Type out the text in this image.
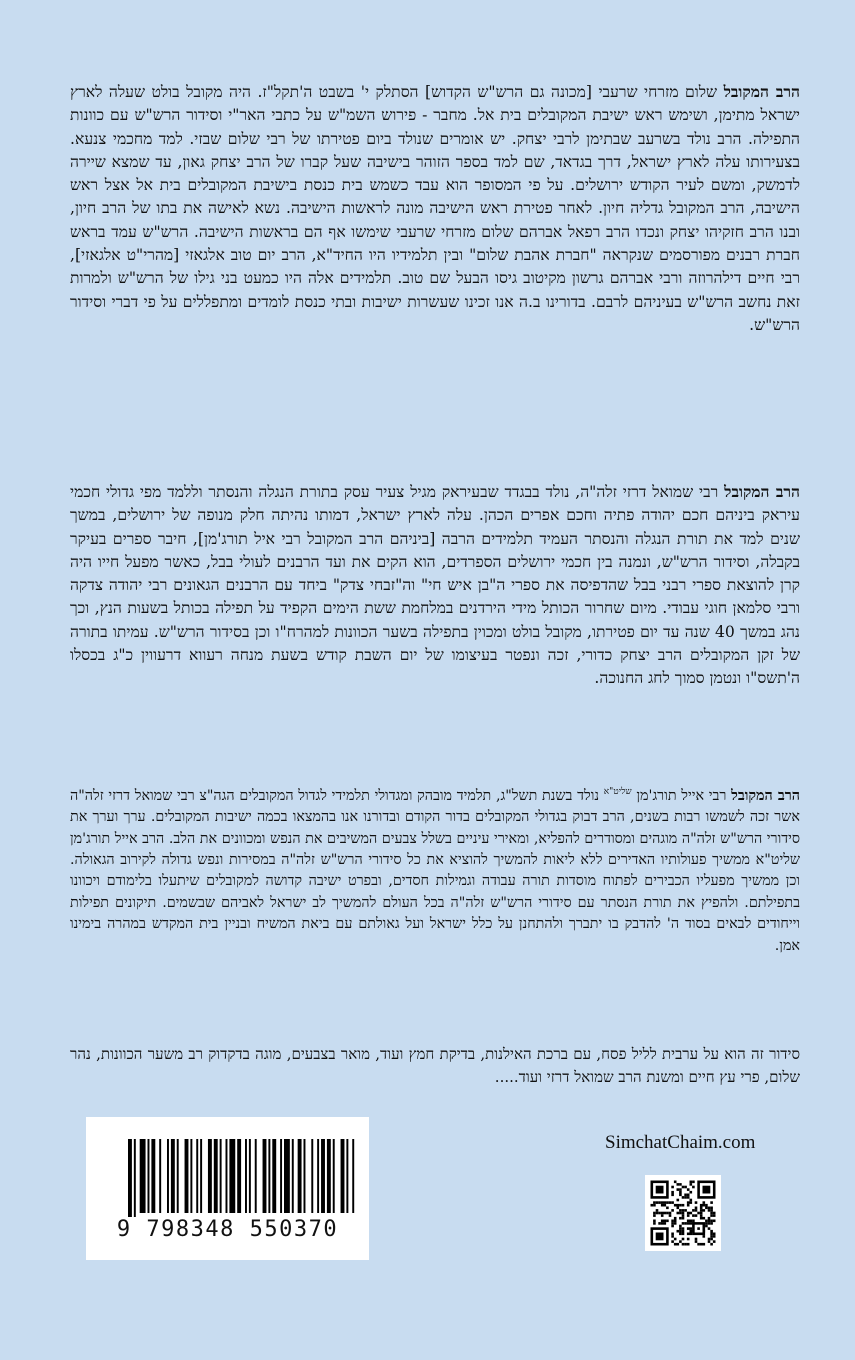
הרב המקובל שלום מזרחי שרעבי [מכונה גם הרש"ש הקדוש] הסתלק י' בשבט ה'תקל"ז. היה מקובל בולט שעלה לארץ ישראל מתימן, ושימש ראש ישיבת המקובלים בית אל. מחבר - פירוש השמ"ש על כתבי האר"י וסידור הרש"ש עם כוונות התפילה. הרב נולד בשרעב שבתימן לרבי יצחק. יש אומרים שנולד ביום פטירתו של רבי שלום שבזי. למד מחכמי צנעא. בצעירותו עלה לארץ ישראל, דרך בגדאד, שם למד בספר הזוהר בישיבה שעל קברו של הרב יצחק גאון, עד שמצא שיירה לדמשק, ומשם לעיר הקודש ירושלים. על פי המסופר הוא עבד כשמש בית כנסת בישיבת המקובלים בית אל אצל ראש הישיבה, הרב המקובל גדליה חיון. לאחר פטירת ראש הישיבה מונה לראשות הישיבה. נשא לאישה את בתו של הרב חיון, ובנו הרב חזקיהו יצחק ונכדו הרב רפאל אברהם שלום מזרחי שרעבי שימשו אף הם בראשות הישיבה. הרש"ש עמד בראש חברת רבנים מפורסמים שנקראה "חברת אהבת שלום" ובין תלמידיו היו החיד"א, הרב יום טוב אלגאזי [מהרי"ט אלגאזי], רבי חיים דילהרוזה ורבי אברהם גרשון מקיטוב גיסו הבעל שם טוב. תלמידים אלה היו כמעט בני גילו של הרש"ש ולמרות זאת נחשב הרש"ש בעיניהם לרבם. בדורינו ב.ה אנו זכינו שעשרות ישיבות ובתי כנסת לומדים ומתפללים על פי דברי וסידור הרש"ש.
הרב המקובל רבי שמואל דרזי זלה"ה, נולד בבגדד שבעיראק מגיל צעיר עסק בתורת הנגלה והנסתר וללמד מפי גדולי חכמי עיראק ביניהם חכם יהודה פתיה וחכם אפרים הכהן. עלה לארץ ישראל, דמותו נהיתה חלק מנופה של ירושלים, במשך שנים למד את תורת הנגלה והנסתר העמיד תלמידים הרבה [ביניהם הרב המקובל רבי איל תורג'מן], חיבר ספרים בעיקר בקבלה, וסידור הרש"ש, ונמנה בין חכמי ירושלים הספרדים, הוא הקים את ועד הרבנים לעולי בבל, כאשר מפעל חייו היה קרן להוצאת ספרי רבני בבל שהדפיסה את ספרי ה"בן איש חי" וה"זבחי צדק" ביחד עם הרבנים הגאונים רבי יהודה צדקה ורבי סלמאן חוגי עבודי. מיום שחרור הכותל מידי הירדנים במלחמת ששת הימים הקפיד על תפילה בכותל בשעות הנץ, וכך נהג במשך 40 שנה עד יום פטירתו, מקובל בולט ומכוין בתפילה בשער הכוונות למהרח"ו וכן בסידור הרש"ש. עמיתו בתורה של זקן המקובלים הרב יצחק כדורי, זכה ונפטר בעיצומו של יום השבת קודש בשעת מנחה רעווא דרעווין כ"ג בכסלו ה'תשס"ו ונטמן סמוך לחג החנוכה.
הרב המקובל רבי אייל תורג'מן $^{שליט"א}$ נולד בשנת תשל"ג, תלמיד מובהק ומגדולי תלמידי לגדול המקובלים הגה"צ רבי שמואל דרזי זלה"ה אשר זכה לשמשו רבות בשנים, הרב דבוק בגדולי המקובלים בדור הקודם ובדורנו אנו בהמצאו בכמה ישיבות המקובלים. ערך וערך את סידורי הרש"ש זלה"ה מוגהים ומסודרים להפליא, ומאירי עיניים בשלל צבעים המשיבים את הנפש ומכוונים את הלב. הרב אייל תורג'מן שליט"א ממשיך פעולותיו האדירים ללא ליאות להמשיך להוציא את כל סידורי הרש"ש זלה"ה במסירות ונפש גדולה לקירוב הגאולה. וכן ממשיך מפעליו הכבירים לפתוח מוסדות תורה עבודה וגמילות חסדים, ובפרט ישיבה קדושה למקובלים שיתעלו בלימודם ויכוונו בתפילתם. ולהפיץ את תורת הנסתר עם סידורי הרש"ש זלה"ה בכל העולם להמשיך לב ישראל לאביהם שבשמים. תיקונים תפילות וייחודים לבאים בסוד ה' להדבק בו יתברך ולהתחנן על כלל ישראל ועל גאולתם עם ביאת המשיח ובניין בית המקדש במהרה בימינו אמן.
סידור זה הוא על ערבית לליל פסח, עם ברכת האילנות, בדיקת חמץ ועוד, מואר בצבעים, מוגה בדקדוק רב משער הכוונות, נהר שלום, פרי עץ חיים ומשנת הרב שמואל דרזי ועוד.....
SimchatChaim.com
9 798348 550370
